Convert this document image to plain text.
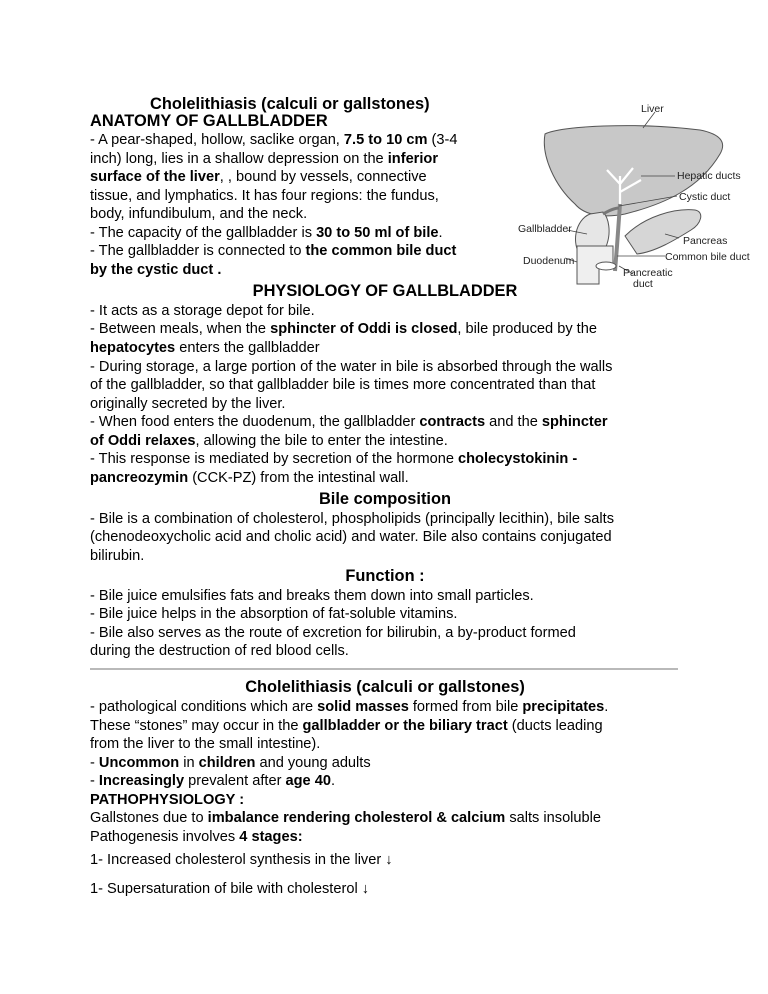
Cholelithiasis (calculi or gallstones)
ANATOMY OF GALLBLADDER
- A pear-shaped, hollow, saclike organ, 7.5 to 10 cm (3-4
inch) long, lies in a shallow depression on the inferior
surface of the liver, , bound by vessels, connective
tissue, and lymphatics. It has four regions: the fundus,
body, infundibulum, and the neck.
- The capacity of the gallbladder is 30 to 50 ml of bile.
- The gallbladder is connected to the common bile duct
by the cystic duct .
PHYSIOLOGY OF GALLBLADDER
- It acts as a storage depot for bile.
- Between meals, when the sphincter of Oddi is closed, bile produced by the
hepatocytes enters the gallbladder
- During storage, a large portion of the water in bile is absorbed through the walls
of the gallbladder, so that gallbladder bile is times more concentrated than that
originally secreted by the liver.
- When food enters the duodenum, the gallbladder contracts and the sphincter
of Oddi relaxes, allowing the bile to enter the intestine.
- This response is mediated by secretion of the hormone cholecystokinin -
pancreozymin (CCK-PZ) from the intestinal wall.
Bile composition
- Bile is a combination of cholesterol, phospholipids (principally lecithin), bile salts
(chenodeoxycholic acid and cholic acid) and water. Bile also contains conjugated
bilirubin.
Function :
- Bile juice emulsifies fats and breaks them down into small particles.
- Bile juice helps in the absorption of fat-soluble vitamins.
- Bile also serves as the route of excretion for bilirubin, a by-product formed
during the destruction of red blood cells.
Cholelithiasis (calculi or gallstones)
- pathological conditions which are solid masses formed from bile precipitates.
These “stones” may occur in the gallbladder or the biliary tract (ducts leading
from the liver to the small intestine).
- Uncommon in children and young adults
- Increasingly prevalent after age 40.
PATHOPHYSIOLOGY :
Gallstones due to imbalance rendering cholesterol & calcium salts insoluble
Pathogenesis involves 4 stages:
1- Increased cholesterol synthesis in the liver ↓
1- Supersaturation of bile with cholesterol ↓
Liver
Hepatic ducts
Cystic duct
Gallbladder
Pancreas
Common bile duct
Duodenum
Pancreatic
duct
